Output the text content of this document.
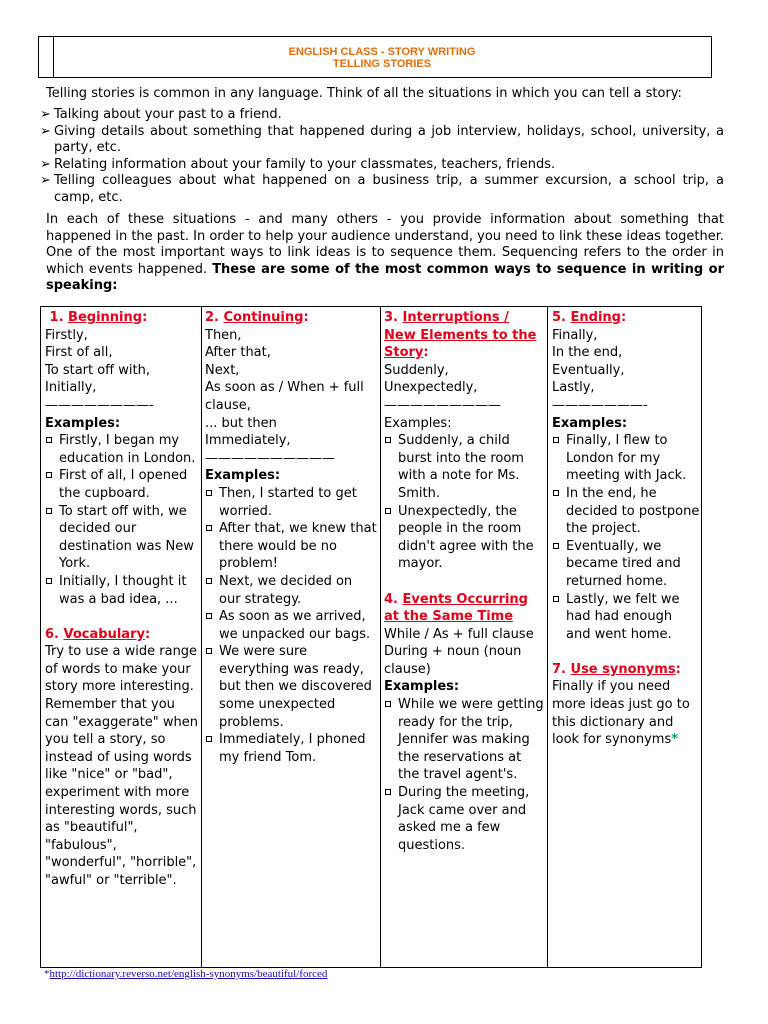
ENGLISH CLASS - STORY WRITING
TELLING STORIES

Telling stories is common in any language. Think of all the situations in which you can tell a story:

➢ Talking about your past to a friend.
➢ Giving details about something that happened during a job interview, holidays, school, university, a party, etc.
➢ Relating information about your family to your classmates, teachers, friends.
➢ Telling colleagues about what happened on a business trip, a summer excursion, a school trip, a camp, etc.

In each of these situations - and many others - you provide information about something that happened in the past. In order to help your audience understand, you need to link these ideas together. One of the most important ways to link ideas is to sequence them. Sequencing refers to the order in which events happened. These are some of the most common ways to sequence in writing or speaking:

1. Beginning:
Firstly,
First of all,
To start off with,
Initially,
————————-
Examples:
Firstly, I began my education in London.
First of all, I opened the cupboard.
To start off with, we decided our destination was New York.
Initially, I thought it was a bad idea, ...
6. Vocabulary:
Try to use a wide range of words to make your story more interesting.
Remember that you can "exaggerate" when you tell a story, so instead of using words like "nice" or "bad", experiment with more interesting words, such as "beautiful", "fabulous", "wonderful", "horrible", "awful" or "terrible".
2. Continuing:
Then,
After that,
Next,
As soon as / When + full clause,
... but then
Immediately,
——————————
Examples:
Then, I started to get worried.
After that, we knew that there would be no problem!
Next, we decided on our strategy.
As soon as we arrived, we unpacked our bags.
We were sure everything was ready, but then we discovered some unexpected problems.
Immediately, I phoned my friend Tom.
3. Interruptions / New Elements to the Story:
Suddenly,
Unexpectedly,
—————————
Examples:
Suddenly, a child burst into the room with a note for Ms. Smith.
Unexpectedly, the people in the room didn't agree with the mayor.
4. Events Occurring at the Same Time
While / As + full clause
During + noun (noun clause)
Examples:
While we were getting ready for the trip, Jennifer was making the reservations at the travel agent's.
During the meeting, Jack came over and asked me a few questions.
5. Ending:
Finally,
In the end,
Eventually,
Lastly,
———————-
Examples:
Finally, I flew to London for my meeting with Jack.
In the end, he decided to postpone the project.
Eventually, we became tired and returned home.
Lastly, we felt we had had enough and went home.
7. Use synonyms:
Finally if you need more ideas just go to this dictionary and look for synonyms*
*http://dictionary.reverso.net/english-synonyms/beautiful/forced
